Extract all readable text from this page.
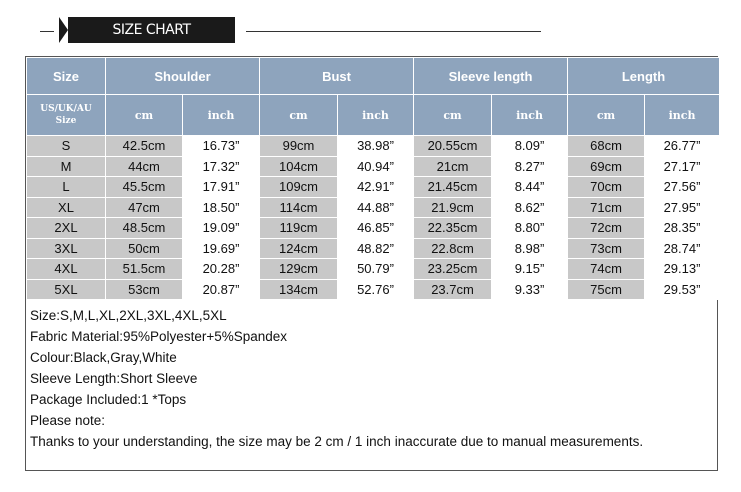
SIZE CHART
Size	Shoulder		Bust		Sleeve length		Length	

US/UK/AU
Size	cm	inch	cm	inch	cm	inch	cm	inch
S	42.5cm	16.73”	99cm	38.98”	20.55cm	8.09”	68cm	26.77”
M	44cm	17.32”	104cm	40.94”	21cm	8.27”	69cm	27.17”
L	45.5cm	17.91”	109cm	42.91”	21.45cm	8.44”	70cm	27.56”
XL	47cm	18.50”	114cm	44.88”	21.9cm	8.62”	71cm	27.95”
2XL	48.5cm	19.09”	119cm	46.85”	22.35cm	8.80”	72cm	28.35”
3XL	50cm	19.69”	124cm	48.82”	22.8cm	8.98”	73cm	28.74”
4XL	51.5cm	20.28”	129cm	50.79”	23.25cm	9.15”	74cm	29.13”
5XL	53cm	20.87”	134cm	52.76”	23.7cm	9.33”	75cm	29.53”
Size:S,M,L,XL,2XL,3XL,4XL,5XL
Fabric Material:95%Polyester+5%Spandex
Colour:Black,Gray,White
Sleeve Length:Short Sleeve
Package Included:1 *Tops
Please note:
Thanks to your understanding, the size may be 2 cm / 1 inch inaccurate due to manual measurements.
